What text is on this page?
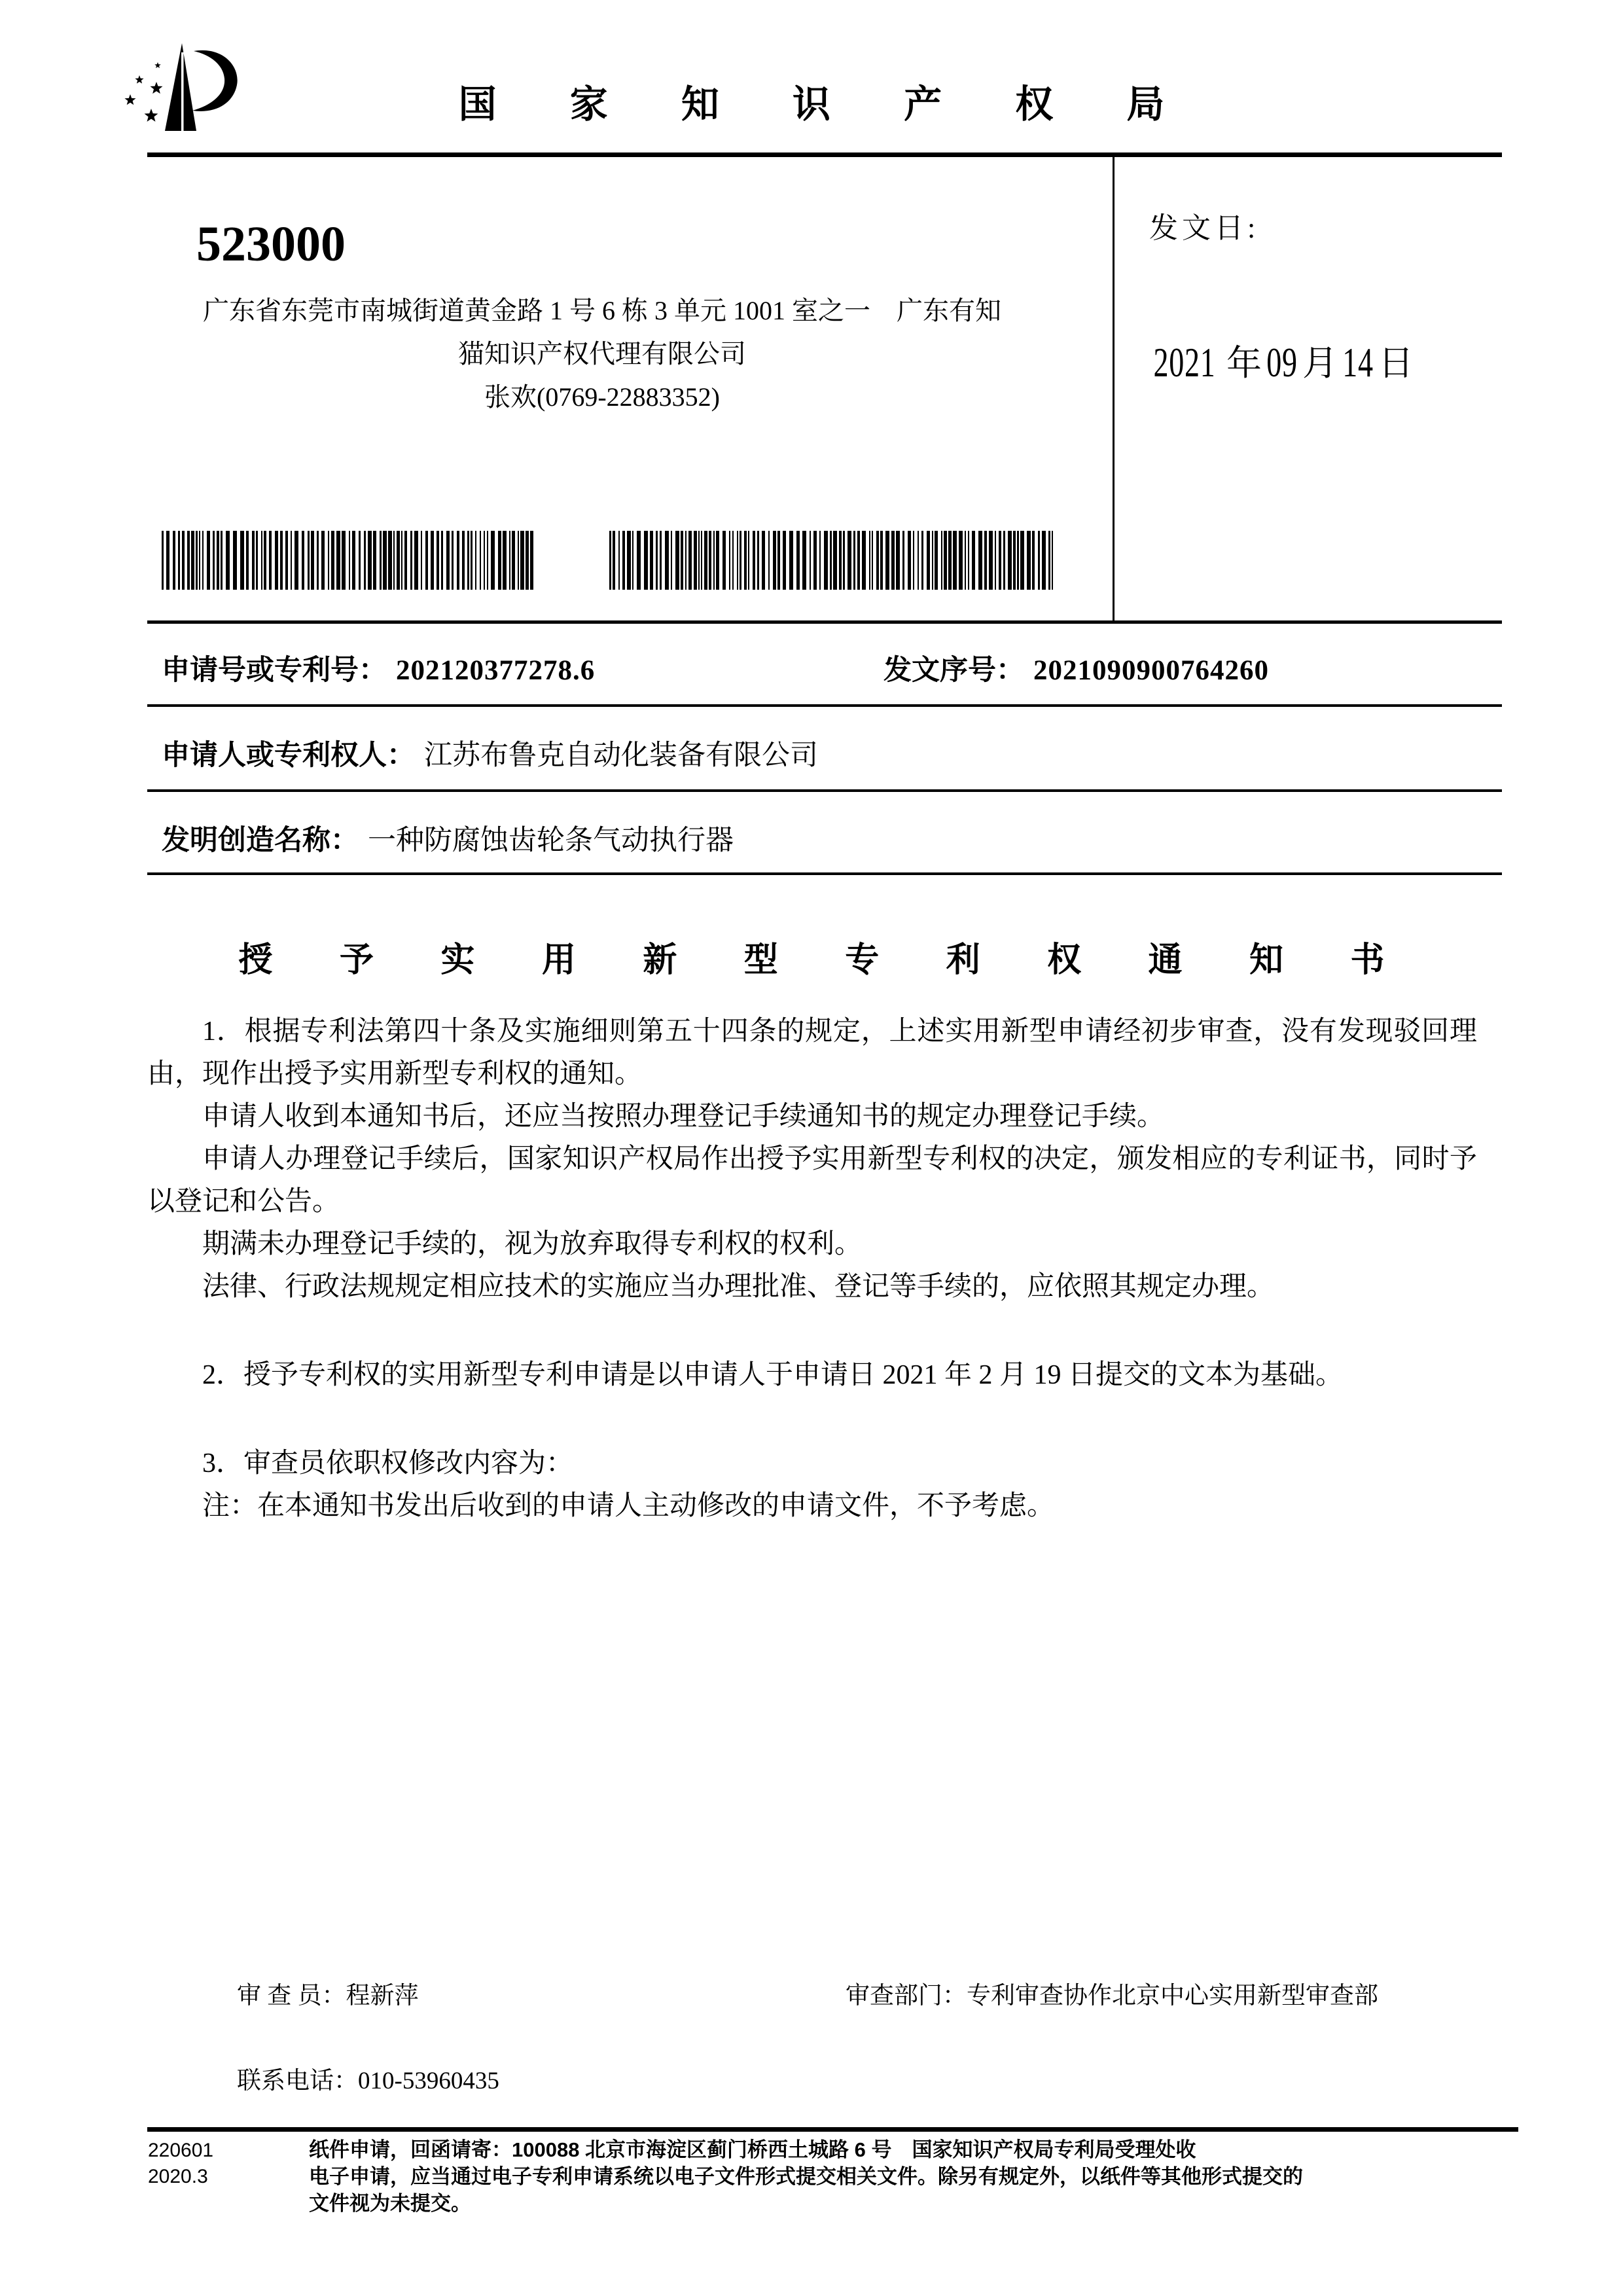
国 家 知 识 产 权 局
发文日:
2021 年 09 月 14 日
523000
广东省东莞市南城街道黄金路 1 号 6 栋 3 单元 1001 室之一　广东有知
猫知识产权代理有限公司
张欢(0769-22883352)
申请号或专利号： 202120377278.6	发文序号： 2021090900764260
申请人或专利权人： 江苏布鲁克自动化装备有限公司
发明创造名称： 一种防腐蚀齿轮条气动执行器
授 予 实 用 新 型 专 利 权 通 知 书

1．根据专利法第四十条及实施细则第五十四条的规定，上述实用新型申请经初步审查，没有发现驳回理由，现作出授予实用新型专利权的通知。

申请人收到本通知书后，还应当按照办理登记手续通知书的规定办理登记手续。

申请人办理登记手续后，国家知识产权局作出授予实用新型专利权的决定，颁发相应的专利证书，同时予以登记和公告。

期满未办理登记手续的，视为放弃取得专利权的权利。

法律、行政法规规定相应技术的实施应当办理批准、登记等手续的，应依照其规定办理。

2．授予专利权的实用新型专利申请是以申请人于申请日 2021 年 2 月 19 日提交的文本为基础。

3．审查员依职权修改内容为：

注：在本通知书发出后收到的申请人主动修改的申请文件，不予考虑。

审 查 员：程新萍	审查部门：专利审查协作北京中心实用新型审查部
联系电话：010-53960435
220601
2020.3
纸件申请，回函请寄：100088 北京市海淀区蓟门桥西土城路 6 号　国家知识产权局专利局受理处收
电子申请，应当通过电子专利申请系统以电子文件形式提交相关文件。除另有规定外，以纸件等其他形式提交的
文件视为未提交。
